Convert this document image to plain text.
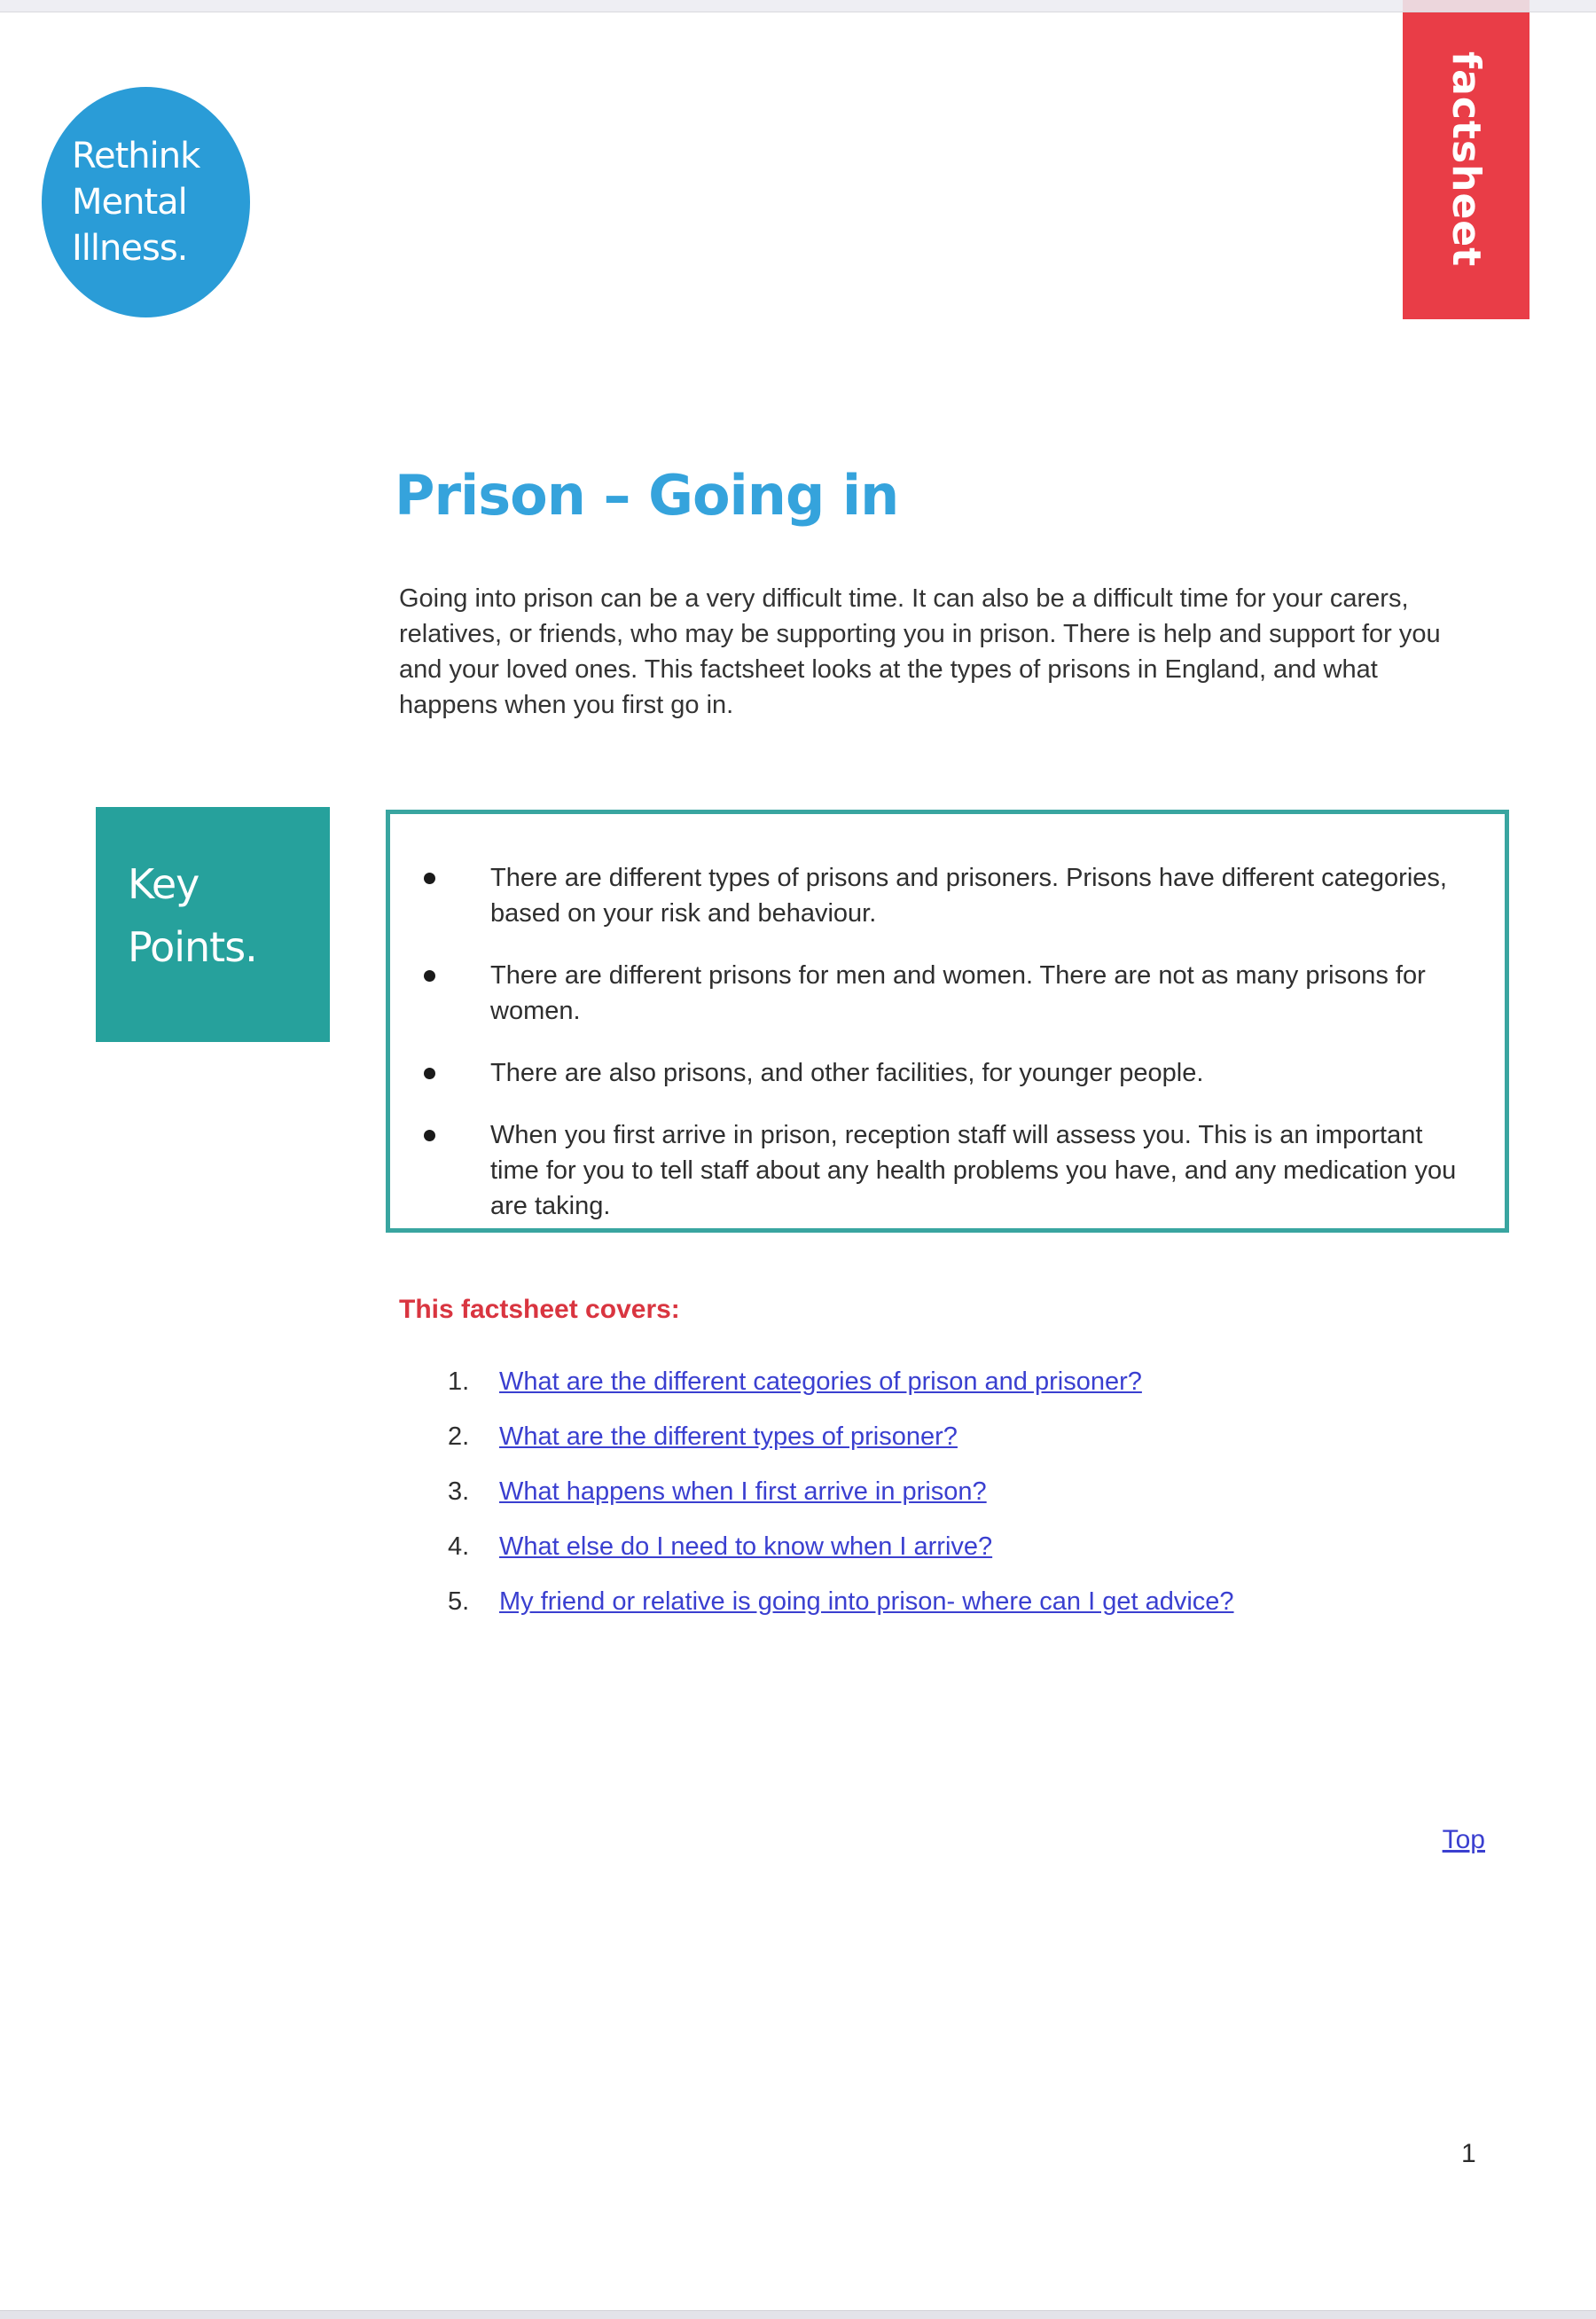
Rethink
Mental
Illness.	factsheet
Prison – Going in

Going into prison can be a very difficult time. It can also be a difficult time for your carers, relatives, or friends, who may be supporting you in prison. There is help and support for you and your loved ones. This factsheet looks at the types of prisons in England, and what happens when you first go in.

Key
Points.
There are different types of prisons and prisoners. Prisons have different categories, based on your risk and behaviour.
There are different prisons for men and women. There are not as many prisons for women.
There are also prisons, and other facilities, for younger people.
When you first arrive in prison, reception staff will assess you. This is an important time for you to tell staff about any health problems you have, and any medication you are taking.
This factsheet covers:
1.	What are the different categories of prison and prisoner?
2.	What are the different types of prisoner?
3.	What happens when I first arrive in prison?
4.	What else do I need to know when I arrive?
5.	My friend or relative is going into prison- where can I get advice?
Top
1
